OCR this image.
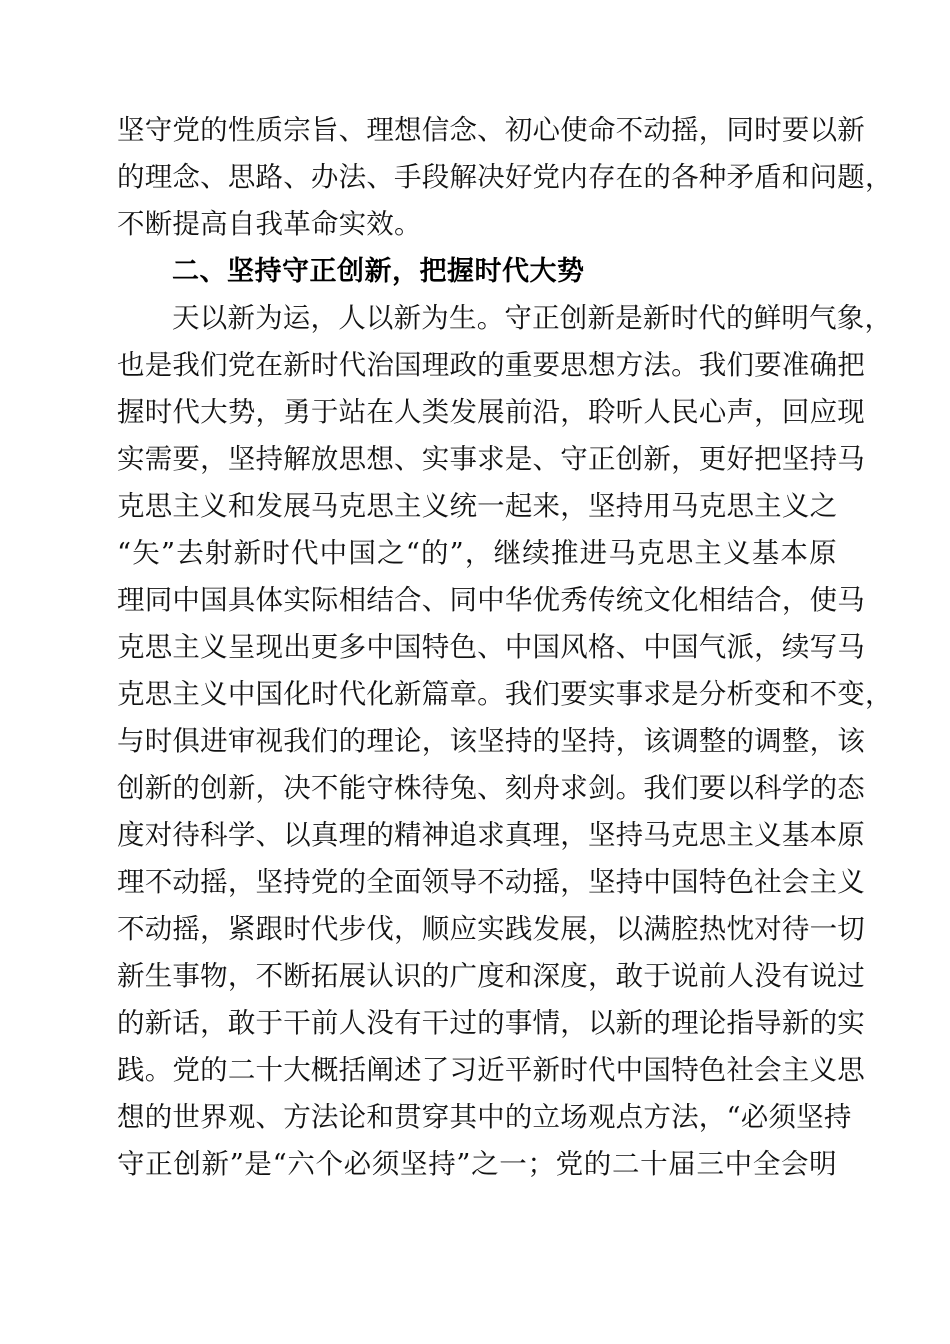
坚 守 党 的 性 质 宗 旨 、 理 想 信 念 、 初 心 使 命 不 动 摇 ， 同 时 要 以 新
的 理 念 、 思 路 、 办 法 、 手 段 解 决 好 党 内 存 在 的 各 种 矛 盾 和 问 题 ，
不断提高自我革命实效。
二、坚持守正创新，把握时代大势
天以新为运，人以新为生。守正创新是新时代的鲜明气象，
也 是 我 们 党 在 新 时 代 治 国 理 政 的 重 要 思 想 方 法 。 我 们 要 准 确 把
握 时 代 大 势 ， 勇 于 站 在 人 类 发 展 前 沿 ， 聆 听 人 民 心 声 ， 回 应 现
实 需 要 ， 坚 持 解 放 思 想 、 实 事 求 是 、 守 正 创 新 ， 更 好 把 坚 持 马
克 思 主 义 和 发 展 马 克 思 主 义 统 一 起 来 ， 坚 持 用 马 克 思 主 义 之
“ 矢 ” 去 射 新 时 代 中 国 之 “ 的 ” ， 继 续 推 进 马 克 思 主 义 基 本 原
理 同 中 国 具 体 实 际 相 结 合 、 同 中 华 优 秀 传 统 文 化 相 结 合 ， 使 马
克 思 主 义 呈 现 出 更 多 中 国 特 色 、 中 国 风 格 、 中 国 气 派 ， 续 写 马
克 思 主 义 中 国 化 时 代 化 新 篇 章 。 我 们 要 实 事 求 是 分 析 变 和 不 变 ，
与 时 俱 进 审 视 我 们 的 理 论 ， 该 坚 持 的 坚 持 ， 该 调 整 的 调 整 ， 该
创 新 的 创 新 ， 决 不 能 守 株 待 兔 、 刻 舟 求 剑 。 我 们 要 以 科 学 的 态
度 对 待 科 学 、 以 真 理 的 精 神 追 求 真 理 ， 坚 持 马 克 思 主 义 基 本 原
理 不 动 摇 ， 坚 持 党 的 全 面 领 导 不 动 摇 ， 坚 持 中 国 特 色 社 会 主 义
不 动 摇 ， 紧 跟 时 代 步 伐 ， 顺 应 实 践 发 展 ， 以 满 腔 热 忱 对 待 一 切
新 生 事 物 ， 不 断 拓 展 认 识 的 广 度 和 深 度 ， 敢 于 说 前 人 没 有 说 过
的 新 话 ， 敢 于 干 前 人 没 有 干 过 的 事 情 ， 以 新 的 理 论 指 导 新 的 实
践 。 党 的 二 十 大 概 括 阐 述 了 习 近 平 新 时 代 中 国 特 色 社 会 主 义 思
想 的 世 界 观 、 方 法 论 和 贯 穿 其 中 的 立 场 观 点 方 法 ， “ 必 须 坚 持
守 正 创 新 ” 是 “ 六 个 必 须 坚 持 ” 之 一 ； 党 的 二 十 届 三 中 全 会 明
